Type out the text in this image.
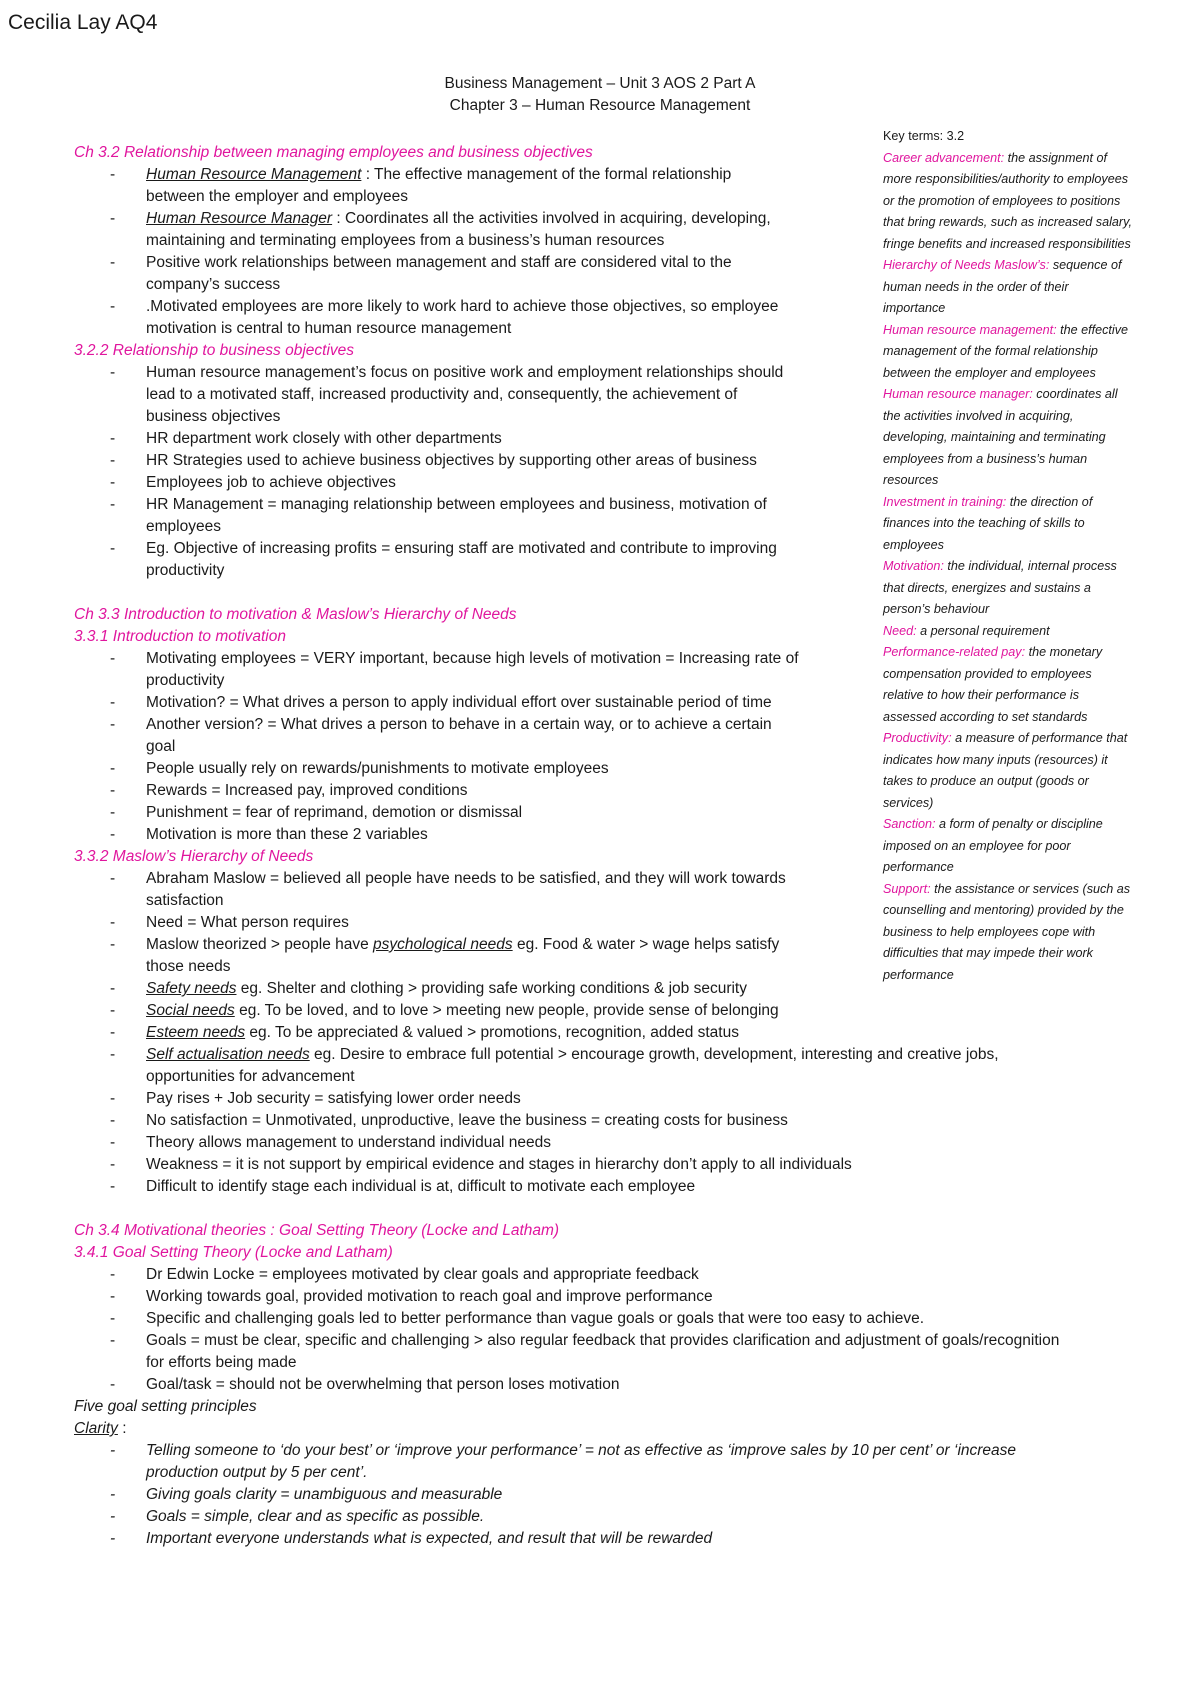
Cecilia Lay AQ4
Business Management – Unit 3 AOS 2 Part A
Chapter 3 – Human Resource Management
Ch 3.2 Relationship between managing employees and business objectives
- Human Resource Management : The effective management of the formal relationship
between the employer and employees
- Human Resource Manager : Coordinates all the activities involved in acquiring, developing,
maintaining and terminating employees from a business’s human resources
- Positive work relationships between management and staff are considered vital to the
company’s success
- .Motivated employees are more likely to work hard to achieve those objectives, so employee
motivation is central to human resource management
3.2.2 Relationship to business objectives
- Human resource management’s focus on positive work and employment relationships should
lead to a motivated staff, increased productivity and, consequently, the achievement of
business objectives
- HR department work closely with other departments
- HR Strategies used to achieve business objectives by supporting other areas of business
- Employees job to achieve objectives
- HR Management = managing relationship between employees and business, motivation of
employees
- Eg. Objective of increasing profits = ensuring staff are motivated and contribute to improving
productivity
Ch 3.3 Introduction to motivation & Maslow’s Hierarchy of Needs
3.3.1 Introduction to motivation
- Motivating employees = VERY important, because high levels of motivation = Increasing rate of
productivity
- Motivation? = What drives a person to apply individual effort over sustainable period of time
- Another version? = What drives a person to behave in a certain way, or to achieve a certain
goal
- People usually rely on rewards/punishments to motivate employees
- Rewards = Increased pay, improved conditions
- Punishment = fear of reprimand, demotion or dismissal
- Motivation is more than these 2 variables
3.3.2 Maslow’s Hierarchy of Needs
- Abraham Maslow = believed all people have needs to be satisfied, and they will work towards
satisfaction
- Need = What person requires
- Maslow theorized > people have psychological needs eg. Food & water > wage helps satisfy
those needs
- Safety needs eg. Shelter and clothing > providing safe working conditions & job security
- Social needs eg. To be loved, and to love > meeting new people, provide sense of belonging
- Esteem needs eg. To be appreciated & valued > promotions, recognition, added status
- Self actualisation needs eg. Desire to embrace full potential > encourage growth, development, interesting and creative jobs,
opportunities for advancement
- Pay rises + Job security = satisfying lower order needs
- No satisfaction = Unmotivated, unproductive, leave the business = creating costs for business
- Theory allows management to understand individual needs
- Weakness = it is not support by empirical evidence and stages in hierarchy don’t apply to all individuals
- Difficult to identify stage each individual is at, difficult to motivate each employee
Ch 3.4 Motivational theories : Goal Setting Theory (Locke and Latham)
3.4.1 Goal Setting Theory (Locke and Latham)
- Dr Edwin Locke = employees motivated by clear goals and appropriate feedback
- Working towards goal, provided motivation to reach goal and improve performance
- Specific and challenging goals led to better performance than vague goals or goals that were too easy to achieve.
- Goals = must be clear, specific and challenging > also regular feedback that provides clarification and adjustment of goals/recognition
for efforts being made
- Goal/task = should not be overwhelming that person loses motivation
Five goal setting principles
Clarity :
- Telling someone to ‘do your best’ or ‘improve your performance’ = not as effective as ‘improve sales by 10 per cent’ or ‘increase
production output by 5 per cent’.
- Giving goals clarity = unambiguous and measurable
- Goals = simple, clear and as specific as possible.
- Important everyone understands what is expected, and result that will be rewarded
Key terms: 3.2
Career advancement: the assignment of
more responsibilities/authority to employees
or the promotion of employees to positions
that bring rewards, such as increased salary,
fringe benefits and increased responsibilities
Hierarchy of Needs Maslow’s: sequence of
human needs in the order of their
importance
Human resource management: the effective
management of the formal relationship
between the employer and employees
Human resource manager: coordinates all
the activities involved in acquiring,
developing, maintaining and terminating
employees from a business’s human
resources
Investment in training: the direction of
finances into the teaching of skills to
employees
Motivation: the individual, internal process
that directs, energizes and sustains a
person’s behaviour
Need: a personal requirement
Performance-related pay: the monetary
compensation provided to employees
relative to how their performance is
assessed according to set standards
Productivity: a measure of performance that
indicates how many inputs (resources) it
takes to produce an output (goods or
services)
Sanction: a form of penalty or discipline
imposed on an employee for poor
performance
Support: the assistance or services (such as
counselling and mentoring) provided by the
business to help employees cope with
difficulties that may impede their work
performance
